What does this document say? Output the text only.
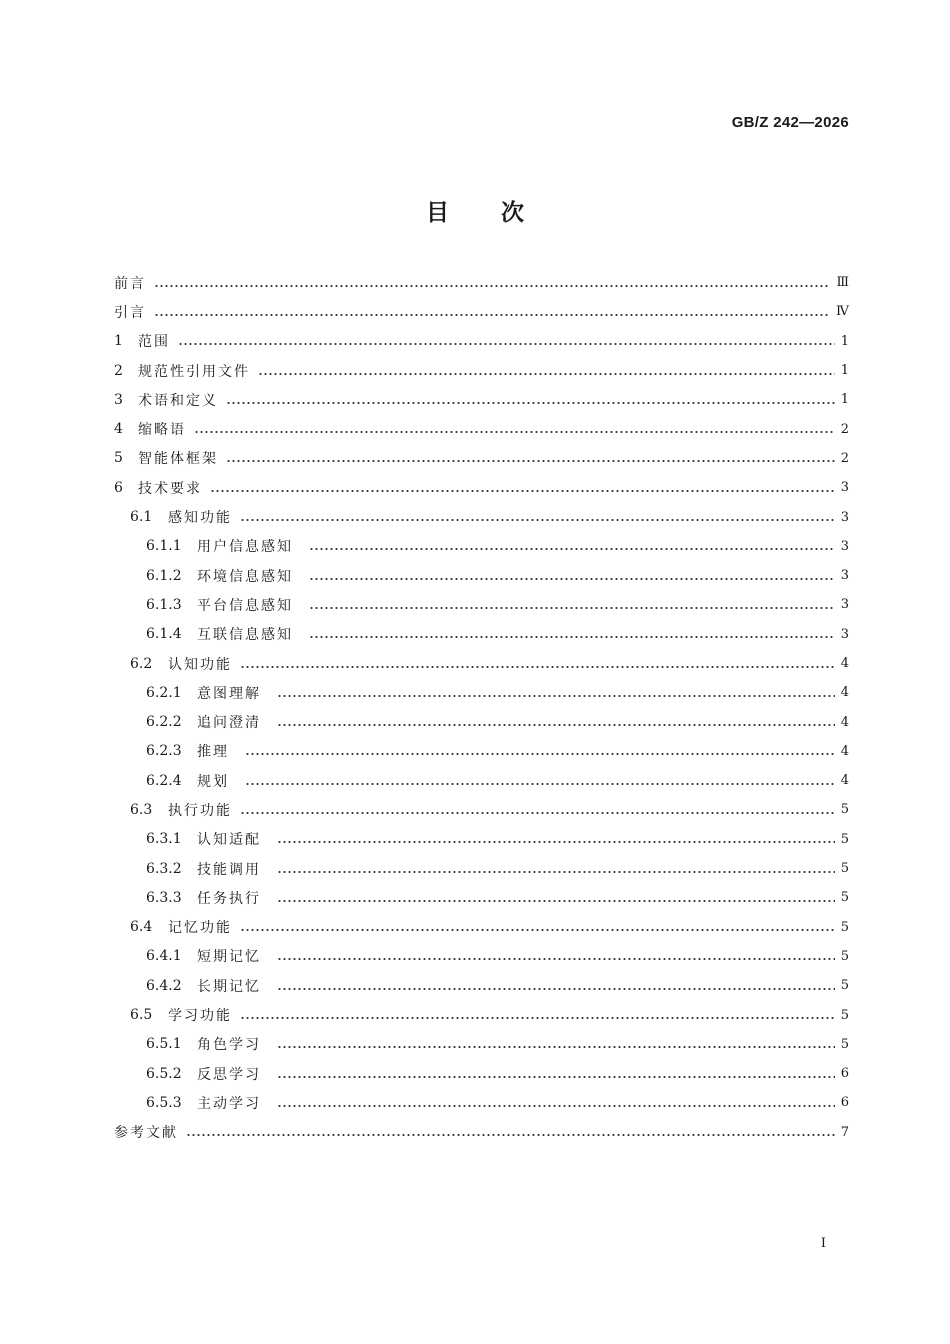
GB/Z 242—2026
目次
前言	Ⅲ
引言	Ⅳ
1	范围	1
2	规范性引用文件	1
3	术语和定义	1
4	缩略语	2
5	智能体框架	2
6	技术要求	3
6.1	感知功能	3
6.1.1	用户信息感知	3
6.1.2	环境信息感知	3
6.1.3	平台信息感知	3
6.1.4	互联信息感知	3
6.2	认知功能	4
6.2.1	意图理解	4
6.2.2	追问澄清	4
6.2.3	推理	4
6.2.4	规划	4
6.3	执行功能	5
6.3.1	认知适配	5
6.3.2	技能调用	5
6.3.3	任务执行	5
6.4	记忆功能	5
6.4.1	短期记忆	5
6.4.2	长期记忆	5
6.5	学习功能	5
6.5.1	角色学习	5
6.5.2	反思学习	6
6.5.3	主动学习	6
参考文献	7
I
